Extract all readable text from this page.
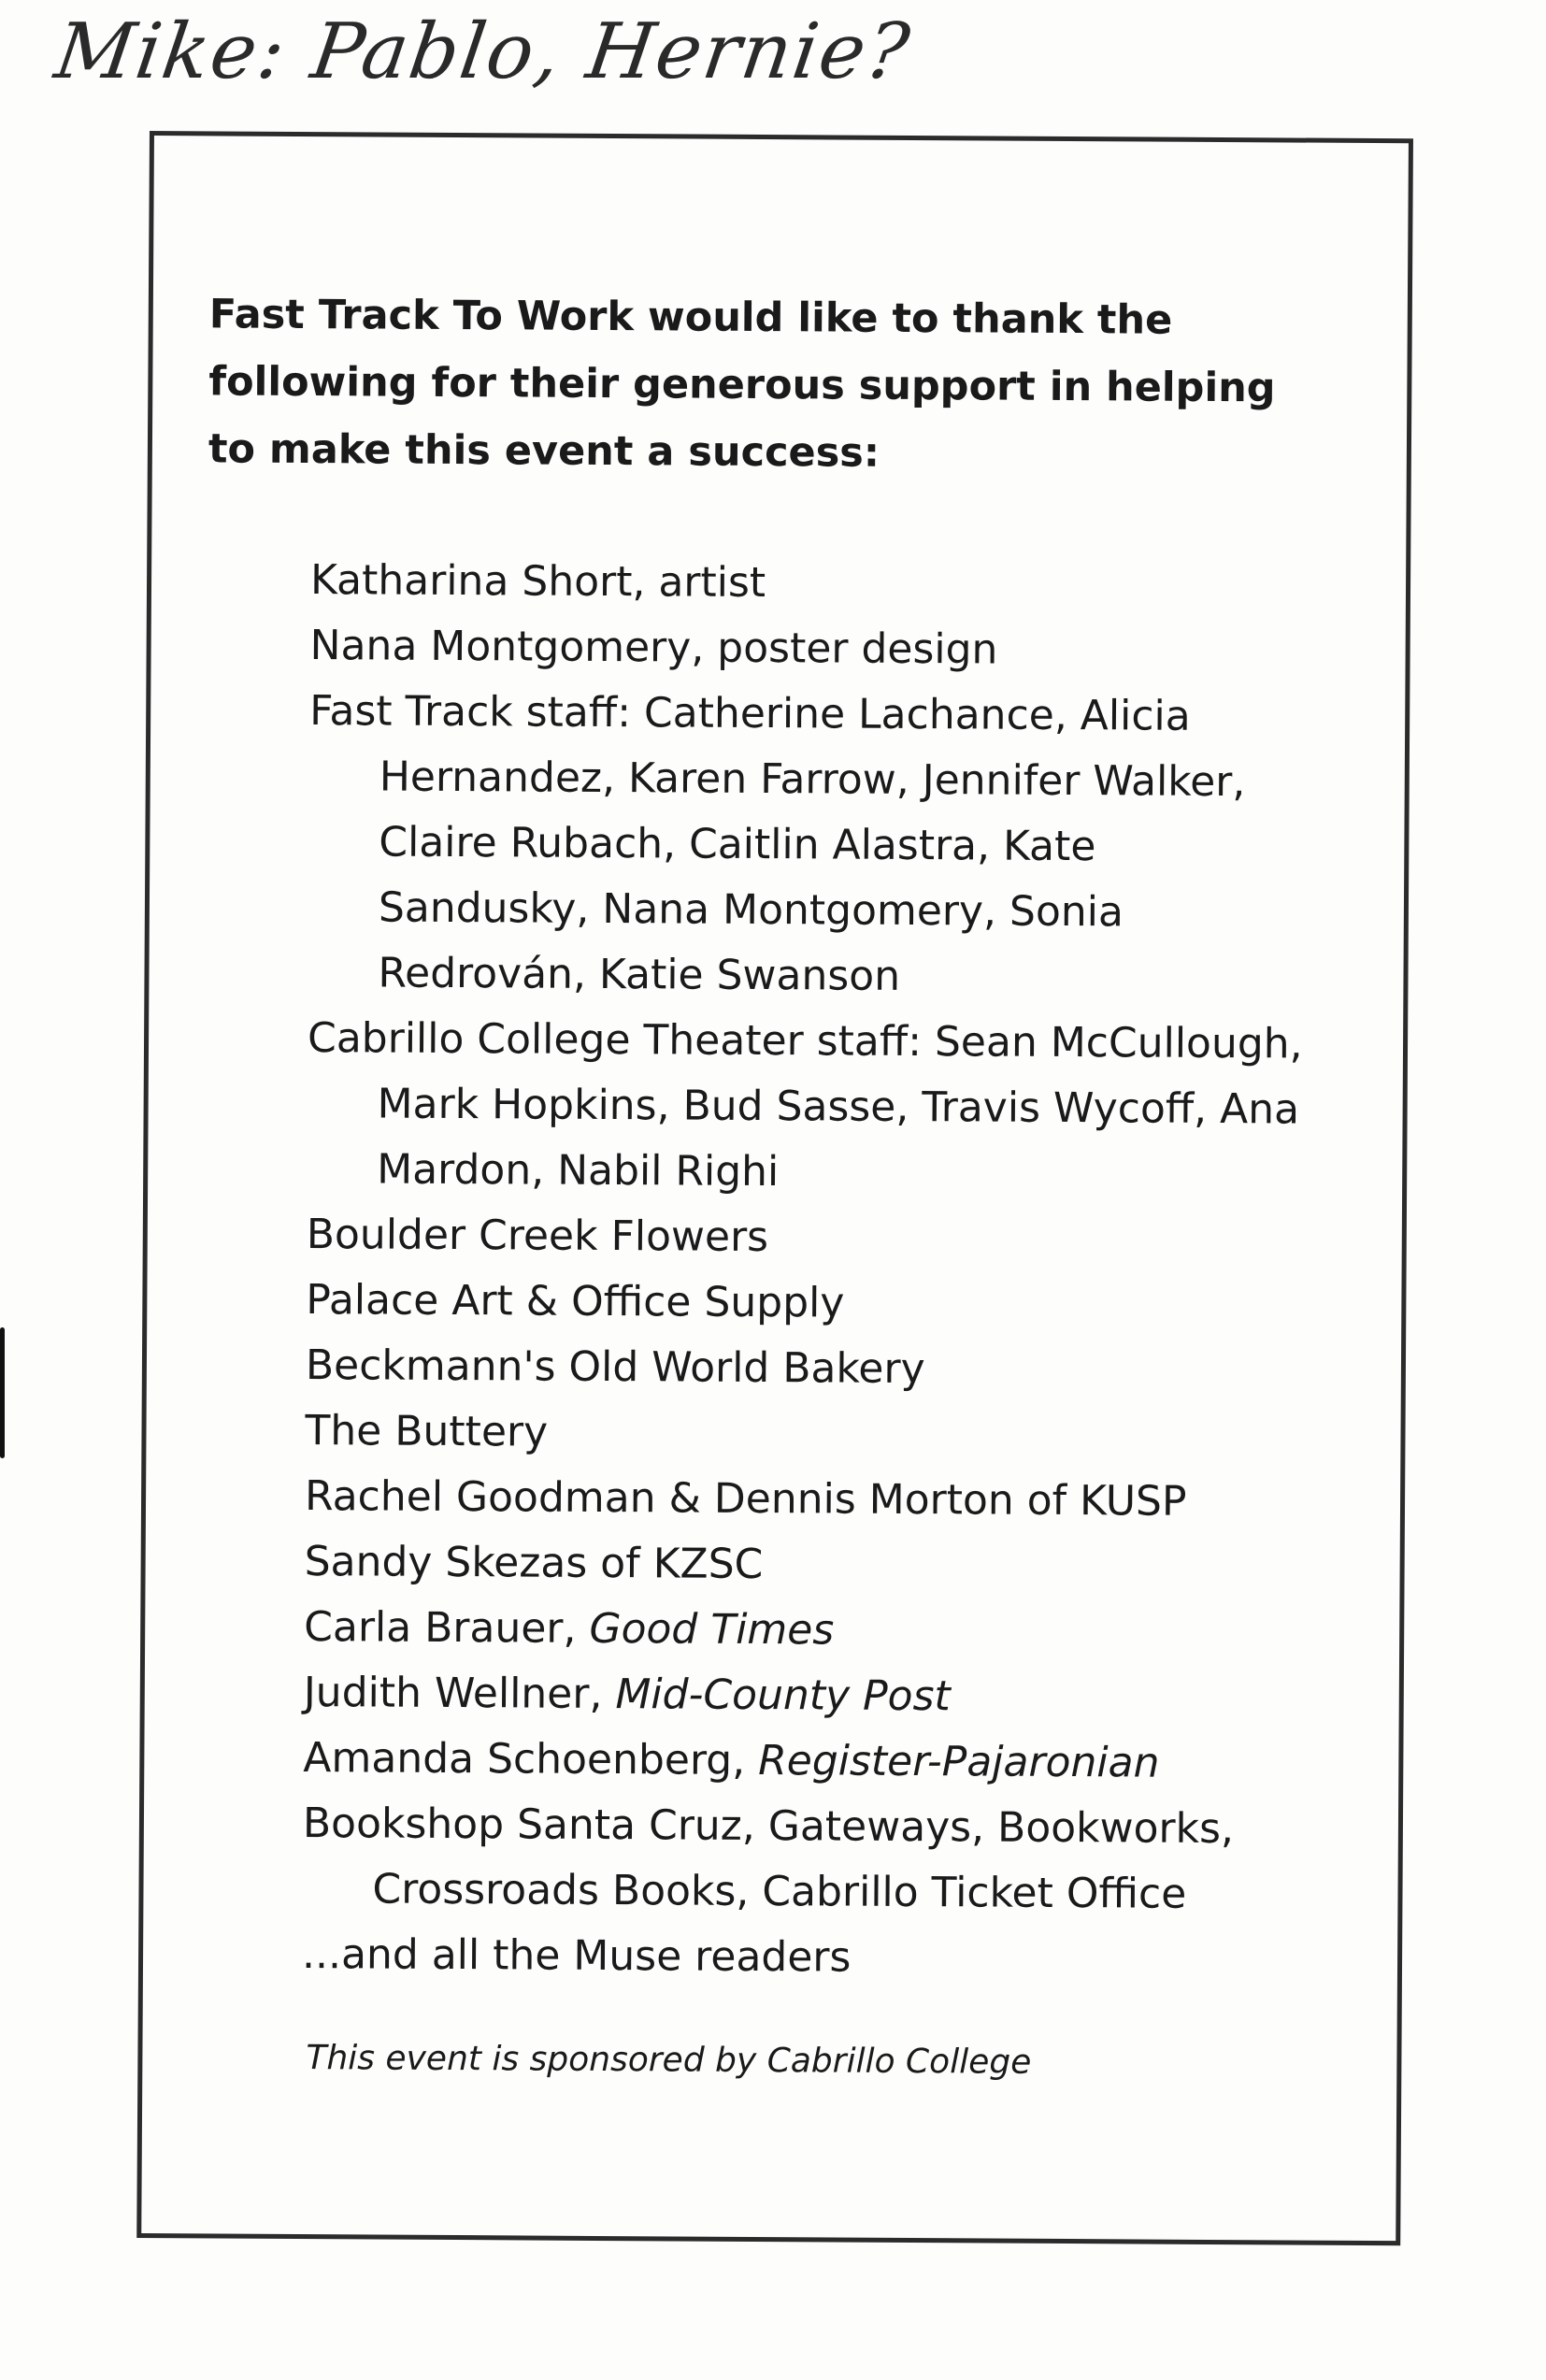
Mike: Pablo, Hernie?
Fast Track To Work would like to thank the following for their generous support in helping to make this event a success:
Katharina Short, artist
Nana Montgomery, poster design
Fast Track staff: Catherine Lachance, Alicia Hernandez, Karen Farrow, Jennifer Walker, Claire Rubach, Caitlin Alastra, Kate Sandusky, Nana Montgomery, Sonia Redrován, Katie Swanson
Cabrillo College Theater staff: Sean McCullough, Mark Hopkins, Bud Sasse, Travis Wycoff, Ana Mardon, Nabil Righi
Boulder Creek Flowers
Palace Art & Office Supply
Beckmann's Old World Bakery
The Buttery
Rachel Goodman & Dennis Morton of KUSP
Sandy Skezas of KZSC
Carla Brauer, Good Times
Judith Wellner, Mid-County Post
Amanda Schoenberg, Register-Pajaronian
Bookshop Santa Cruz, Gateways, Bookworks, Crossroads Books, Cabrillo Ticket Office
...and all the Muse readers
This event is sponsored by Cabrillo College
